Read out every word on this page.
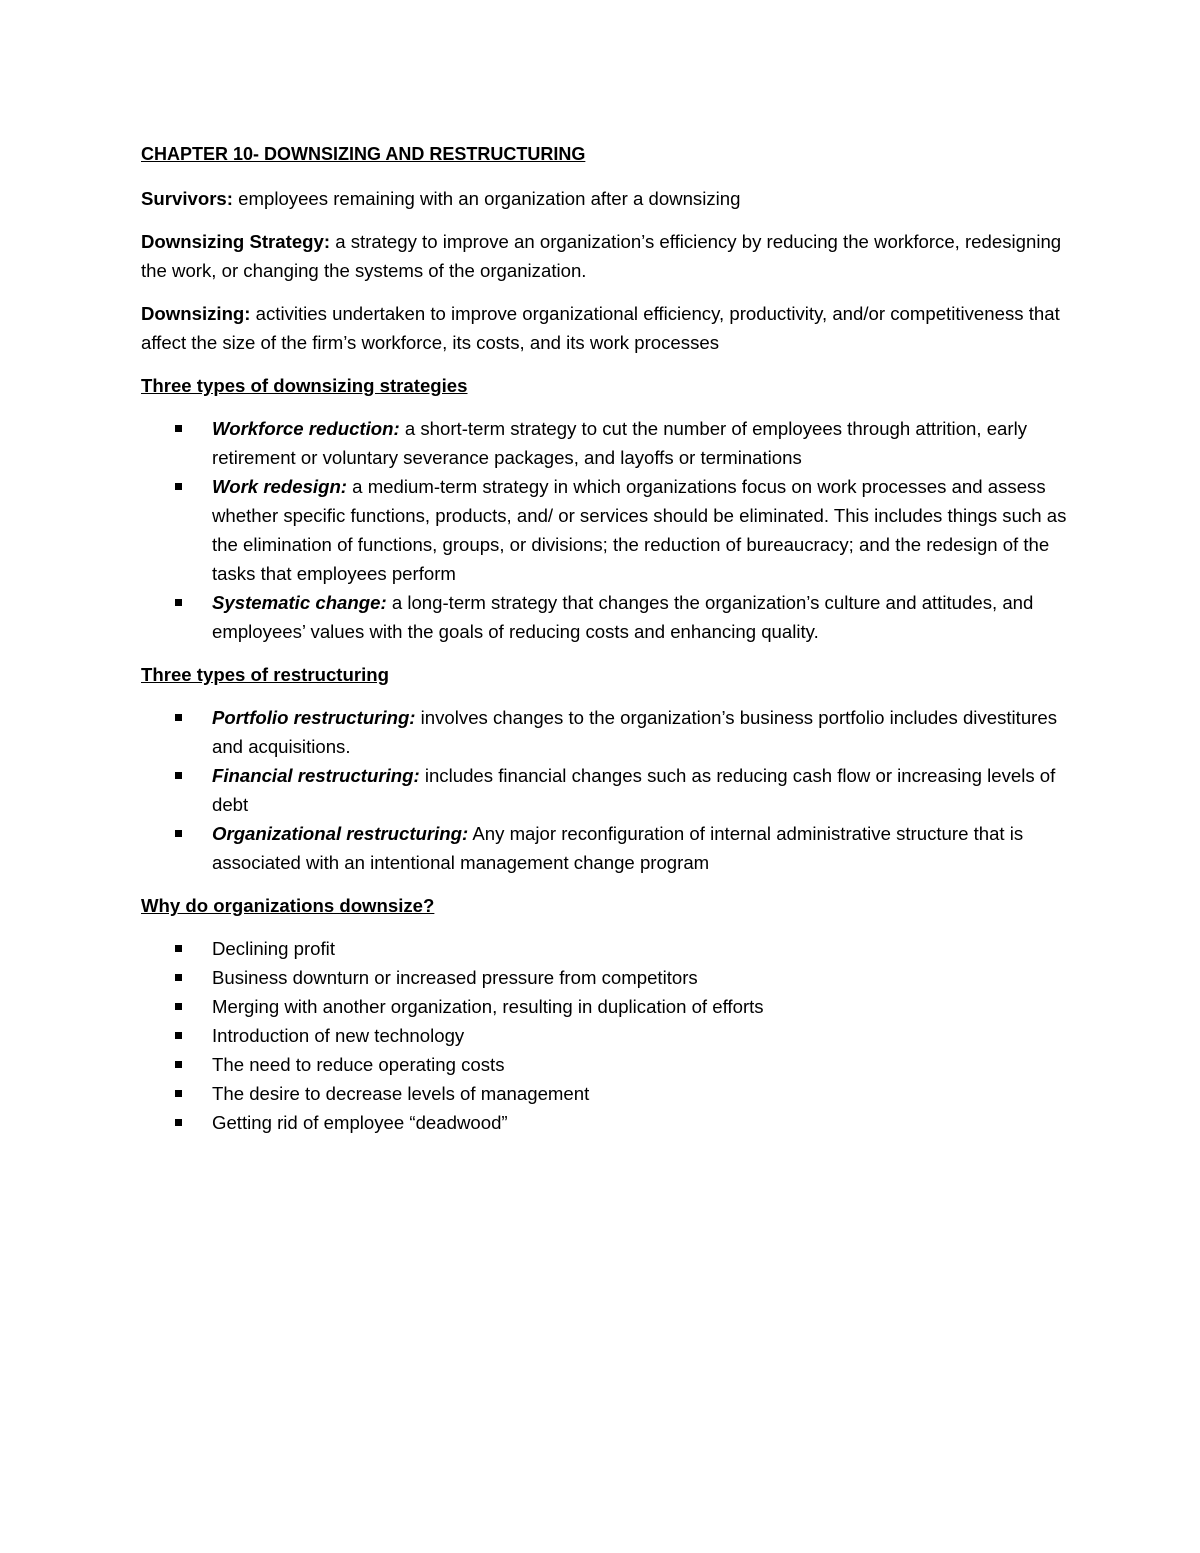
CHAPTER 10- DOWNSIZING AND RESTRUCTURING

Survivors: employees remaining with an organization after a downsizing

Downsizing Strategy: a strategy to improve an organization’s efficiency by reducing the workforce, redesigning the work, or changing the systems of the organization.

Downsizing: activities undertaken to improve organizational efficiency, productivity, and/or competitiveness that affect the size of the firm’s workforce, its costs, and its work processes

Three types of downsizing strategies
Workforce reduction: a short-term strategy to cut the number of employees through attrition, early retirement or voluntary severance packages, and layoffs or terminations
Work redesign: a medium-term strategy in which organizations focus on work processes and assess whether specific functions, products, and/ or services should be eliminated. This includes things such as the elimination of functions, groups, or divisions; the reduction of bureaucracy; and the redesign of the tasks that employees perform
Systematic change: a long-term strategy that changes the organization’s culture and attitudes, and employees’ values with the goals of reducing costs and enhancing quality.
Three types of restructuring
Portfolio restructuring: involves changes to the organization’s business portfolio includes divestitures and acquisitions.
Financial restructuring: includes financial changes such as reducing cash flow or increasing levels of debt
Organizational restructuring: Any major reconfiguration of internal administrative structure that is associated with an intentional management change program
Why do organizations downsize?
Declining profit
Business downturn or increased pressure from competitors
Merging with another organization, resulting in duplication of efforts
Introduction of new technology
The need to reduce operating costs
The desire to decrease levels of management
Getting rid of employee “deadwood”
